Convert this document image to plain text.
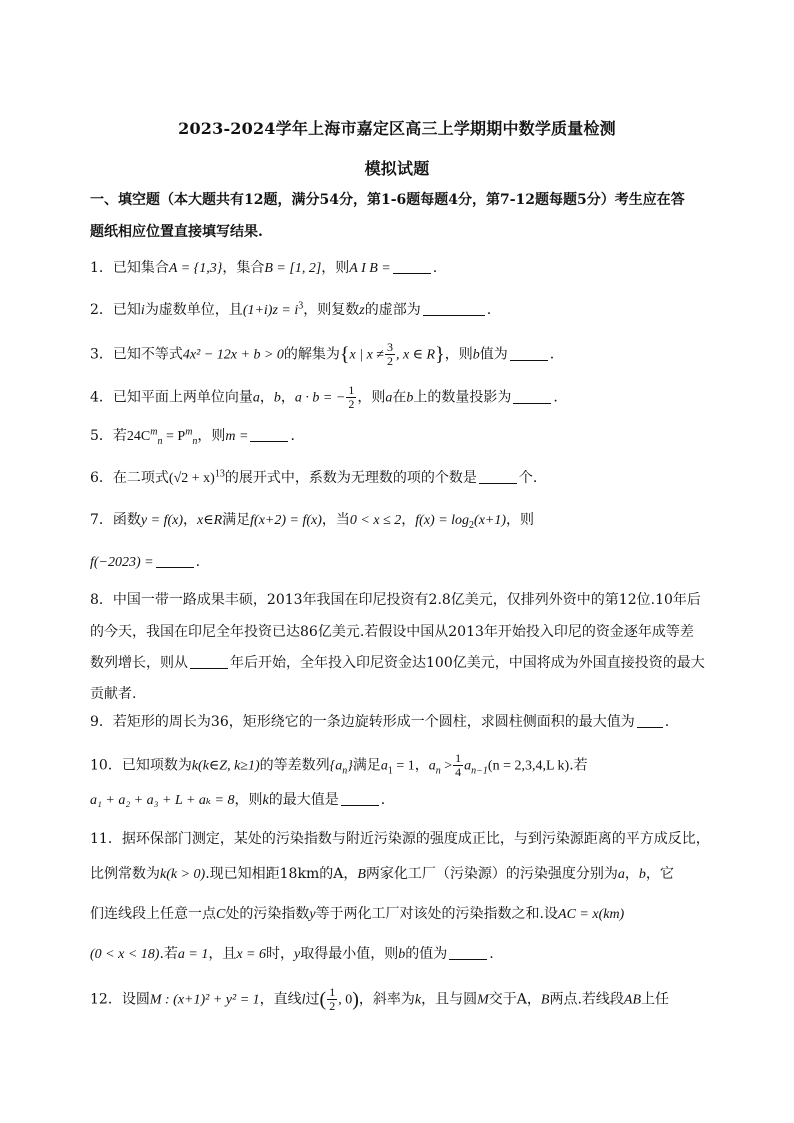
2023-2024学年上海市嘉定区高三上学期期中数学质量检测
模拟试题
一、填空题（本大题共有12题，满分54分，第1-6题每题4分，第7-12题每题5分）考生应在答
题纸相应位置直接填写结果.
1．已知集合A = {1,3}，集合B = [1, 2]，则A I B =	.
2．已知i为虚数单位，且$(1+i)z = i^3$，则复数z的虚部为	.
3．已知不等式4x² − 12x + b > 0的解集为{x | $x \ne \frac{3}{2}$ , x ∈ R}，则b值为	.
4．已知平面上两单位向量a，b，a · b = − $\frac{1}{2}$ ，则a在b上的数量投影为	.
5．若$24C^m_n = P^m_n$，则m =	.
6．在二项式$(√2 + x)^{13}$的展开式中，系数为无理数的项的个数是	个.
7．函数y = f(x)，x∈R满足f(x+2) = f(x)，当0 < x ≤ 2，$f(x) = \log_2(x+1)$，则
f(−2023) =	.
8．中国一带一路成果丰硕，2013年我国在印尼投资有2.8亿美元，仅排列外资中的第12位.10年后
的今天，我国在印尼全年投资已达86亿美元.若假设中国从2013年开始投入印尼的资金逐年成等差
数列增长，则从	年后开始，全年投入印尼资金达100亿美元，中国将成为外国直接投资的最大
贡献者.
9．若矩形的周长为36，矩形绕它的一条边旋转形成一个圆柱，求圆柱侧面积的最大值为 .
10．已知项数为k(k∈Z, k≥1)的等差数列$\{a_n\}$满足$a_1 = 1$，$a_n > \frac{1}{4} a_{n-1}(n = 2,3,4,L$ k).若
a₁ + a₂ + a₃ + L + aₖ = 8，则k的最大值是	.
11．据环保部门测定，某处的污染指数与附近污染源的强度成正比，与到污染源距离的平方成反比，
比例常数为k(k > 0).现已知相距18km的A，B两家化工厂（污染源）的污染强度分别为a，b，它
们连线段上任意一点C处的污染指数y等于两化工厂对该处的污染指数之和.设AC = x(km)
(0 < x < 18).若a = 1，且x = 6时，y取得最小值，则b的值为	.
12．设圆M : (x+1)² + y² = 1，直线l过( $\frac{1}{2}$ , 0)，斜率为k，且与圆M交于A，B两点.若线段AB上任
